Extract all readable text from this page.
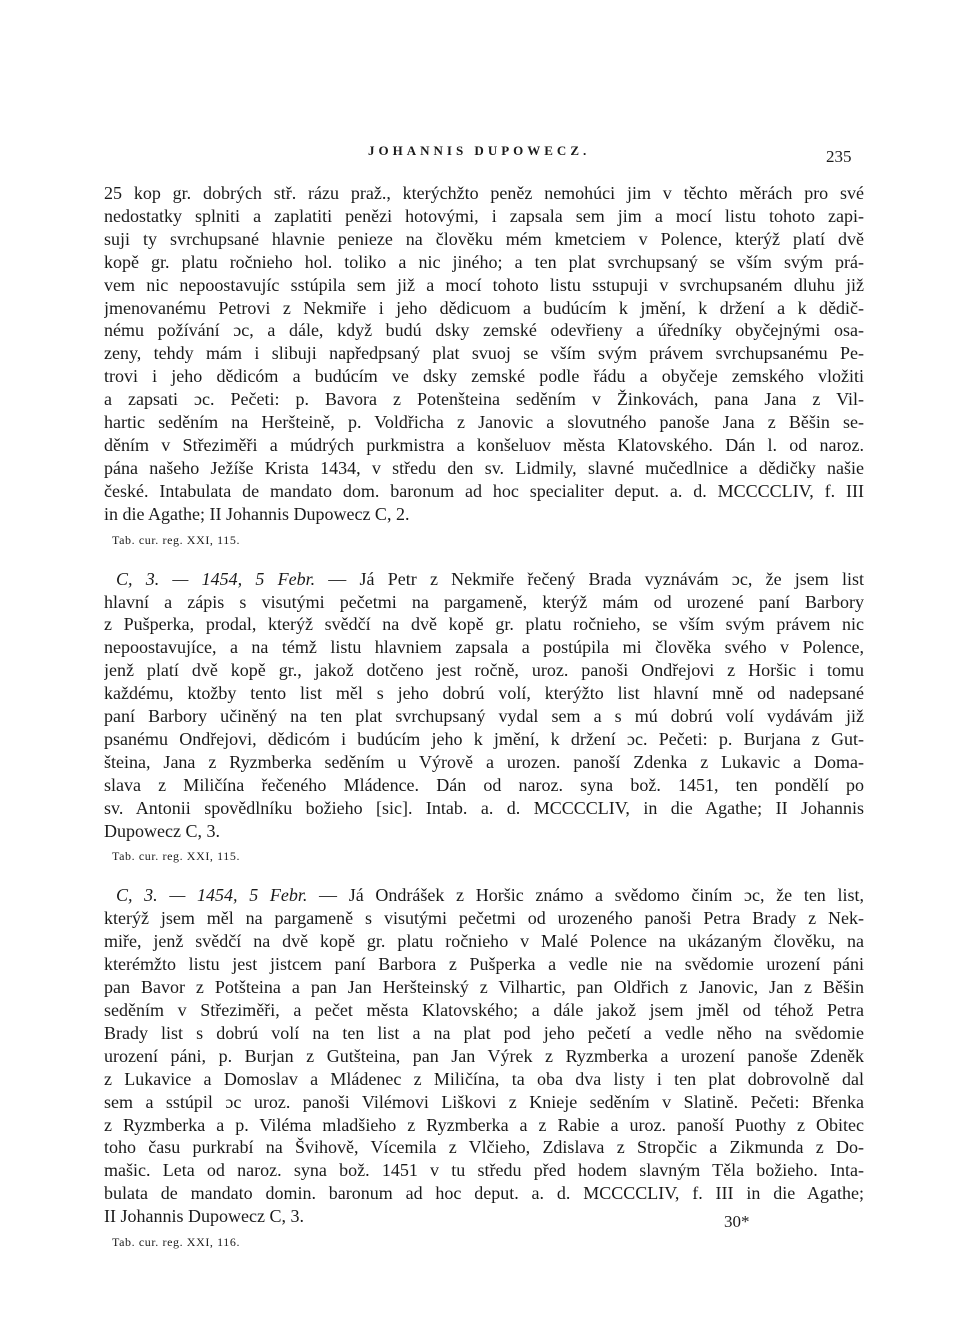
JOHANNIS DUPOWECZ.	235
25 kop gr. dobrých stř. rázu praž., kterýchžto peněz nemohúci jim v těchto měrách pro své
nedostatky splniti a zaplatiti penězi hotovými, i zapsala sem jim a mocí listu tohoto zapi-
suji ty svrchupsané hlavnie penieze na člověku mém kmetciem v Polence, kterýž platí dvě
kopě gr. platu ročnieho hol. toliko a nic jiného; a ten plat svrchupsaný se vším svým prá-
vem nic nepoostavujíc sstúpila sem již a mocí tohoto listu sstupuji v svrchupsaném dluhu již
jmenovanému Petrovi z Nekmiře i jeho dědicuom a budúcím k jmění, k držení a k dědič-
nému požívání ɔc, a dále, když budú dsky zemské odevřieny a úředníky obyčejnými osa-
zeny, tehdy mám i slibuji napředpsaný plat svuoj se vším svým právem svrchupsanému Pe-
trovi i jeho dědicóm a budúcím ve dsky zemské podle řádu a obyčeje zemského vložiti
a zapsati ɔc. Pečeti: p. Bavora z Potenšteina seděním v Žinkovách, pana Jana z Vil-
hartic seděním na Heršteině, p. Voldřicha z Janovic a slovutného panoše Jana z Běšin se-
děním v Střeziměři a múdrých purkmistra a konšeluov města Klatovského. Dán l. od naroz.
pána našeho Ježíše Krista 1434, v středu den sv. Lidmily, slavné mučedlnice a dědičky našie
české. Intabulata de mandato dom. baronum ad hoc specialiter deput. a. d. MCCCCLIV, f. III
in die Agathe; II Johannis Dupowecz C, 2.
Tab. cur. reg. XXI, 115.
C, 3. — 1454, 5 Febr. — Já Petr z Nekmiře řečený Brada vyznávám ɔc, že jsem list
hlavní a zápis s visutými pečetmi na pargameně, kterýž mám od urozené paní Barbory
z Pušperka, prodal, kterýž svědčí na dvě kopě gr. platu ročnieho, se vším svým právem nic
nepoostavujíce, a na témž listu hlavniem zapsala a postúpila mi člověka svého v Polence,
jenž platí dvě kopě gr., jakož dotčeno jest ročně, uroz. panoši Ondřejovi z Horšic i tomu
každému, ktožby tento list měl s jeho dobrú volí, kterýžto list hlavní mně od nadepsané
paní Barbory učiněný na ten plat svrchupsaný vydal sem a s mú dobrú volí vydávám již
psanému Ondřejovi, dědicóm i budúcím jeho k jmění, k držení ɔc. Pečeti: p. Burjana z Gut-
šteina, Jana z Ryzmberka seděním u Výrově a urozen. panoší Zdenka z Lukavic a Doma-
slava z Miličína řečeného Mládence. Dán od naroz. syna bož. 1451, ten pondělí po
sv. Antonii spovědlníku božieho [sic]. Intab. a. d. MCCCCLIV, in die Agathe; II Johannis
Dupowecz C, 3.
Tab. cur. reg. XXI, 115.
C, 3. — 1454, 5 Febr. — Já Ondrášek z Horšic známo a svědomo činím ɔc, že ten list,
kterýž jsem měl na pargameně s visutými pečetmi od urozeného panoši Petra Brady z Nek-
miře, jenž svědčí na dvě kopě gr. platu ročnieho v Malé Polence na ukázaným člověku, na
kterémžto listu jest jistcem paní Barbora z Pušperka a vedle nie na svědomie urození páni
pan Bavor z Potšteina a pan Jan Heršteinský z Vilhartic, pan Oldřich z Janovic, Jan z Běšin
seděním v Střeziměři, a pečet města Klatovského; a dále jakož jsem jměl od téhož Petra
Brady list s dobrú volí na ten list a na plat pod jeho pečetí a vedle něho na svědomie
urození páni, p. Burjan z Gutšteina, pan Jan Výrek z Ryzmberka a urození panoše Zdeněk
z Lukavice a Domoslav a Mládenec z Miličína, ta oba dva listy i ten plat dobrovolně dal
sem a sstúpil ɔc uroz. panoši Vilémovi Liškovi z Knieje seděním v Slatině. Pečeti: Břenka
z Ryzmberka a p. Viléma mladšieho z Ryzmberka a z Rabie a uroz. panoší Puothy z Obitec
toho času purkrabí na Švihově, Vícemila z Vlčieho, Zdislava z Stropčic a Zikmunda z Do-
mašic. Leta od naroz. syna bož. 1451 v tu středu před hodem slavným Těla božieho. Inta-
bulata de mandato domin. baronum ad hoc deput. a. d. MCCCCLIV, f. III in die Agathe;
II Johannis Dupowecz C, 3.
Tab. cur. reg. XXI, 116.
30*
